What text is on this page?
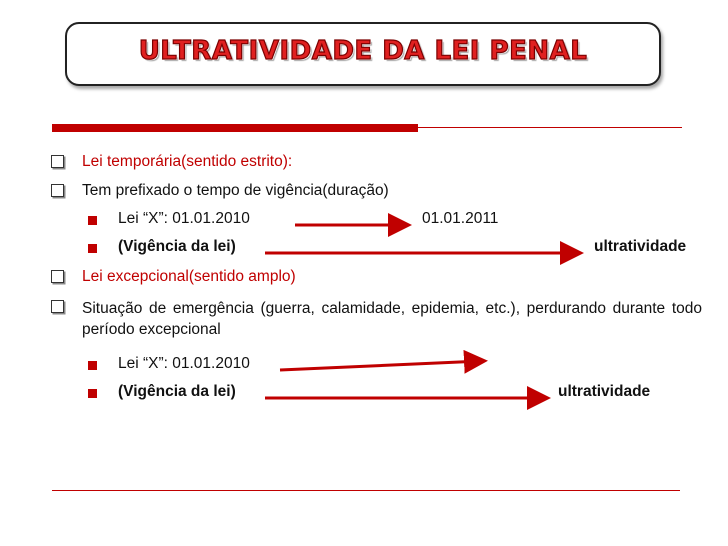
ULTRATIVIDADE DA LEI PENAL
Lei temporária(sentido estrito):
Tem prefixado o tempo de vigência(duração)
Lei “X”: 01.01.2010	01.01.2011
(Vigência da lei)	ultratividade
Lei excepcional(sentido amplo)
Situação de emergência (guerra, calamidade, epidemia, etc.), perdurando durante todo período excepcional
Lei “X”: 01.01.2010
(Vigência da lei)	ultratividade
